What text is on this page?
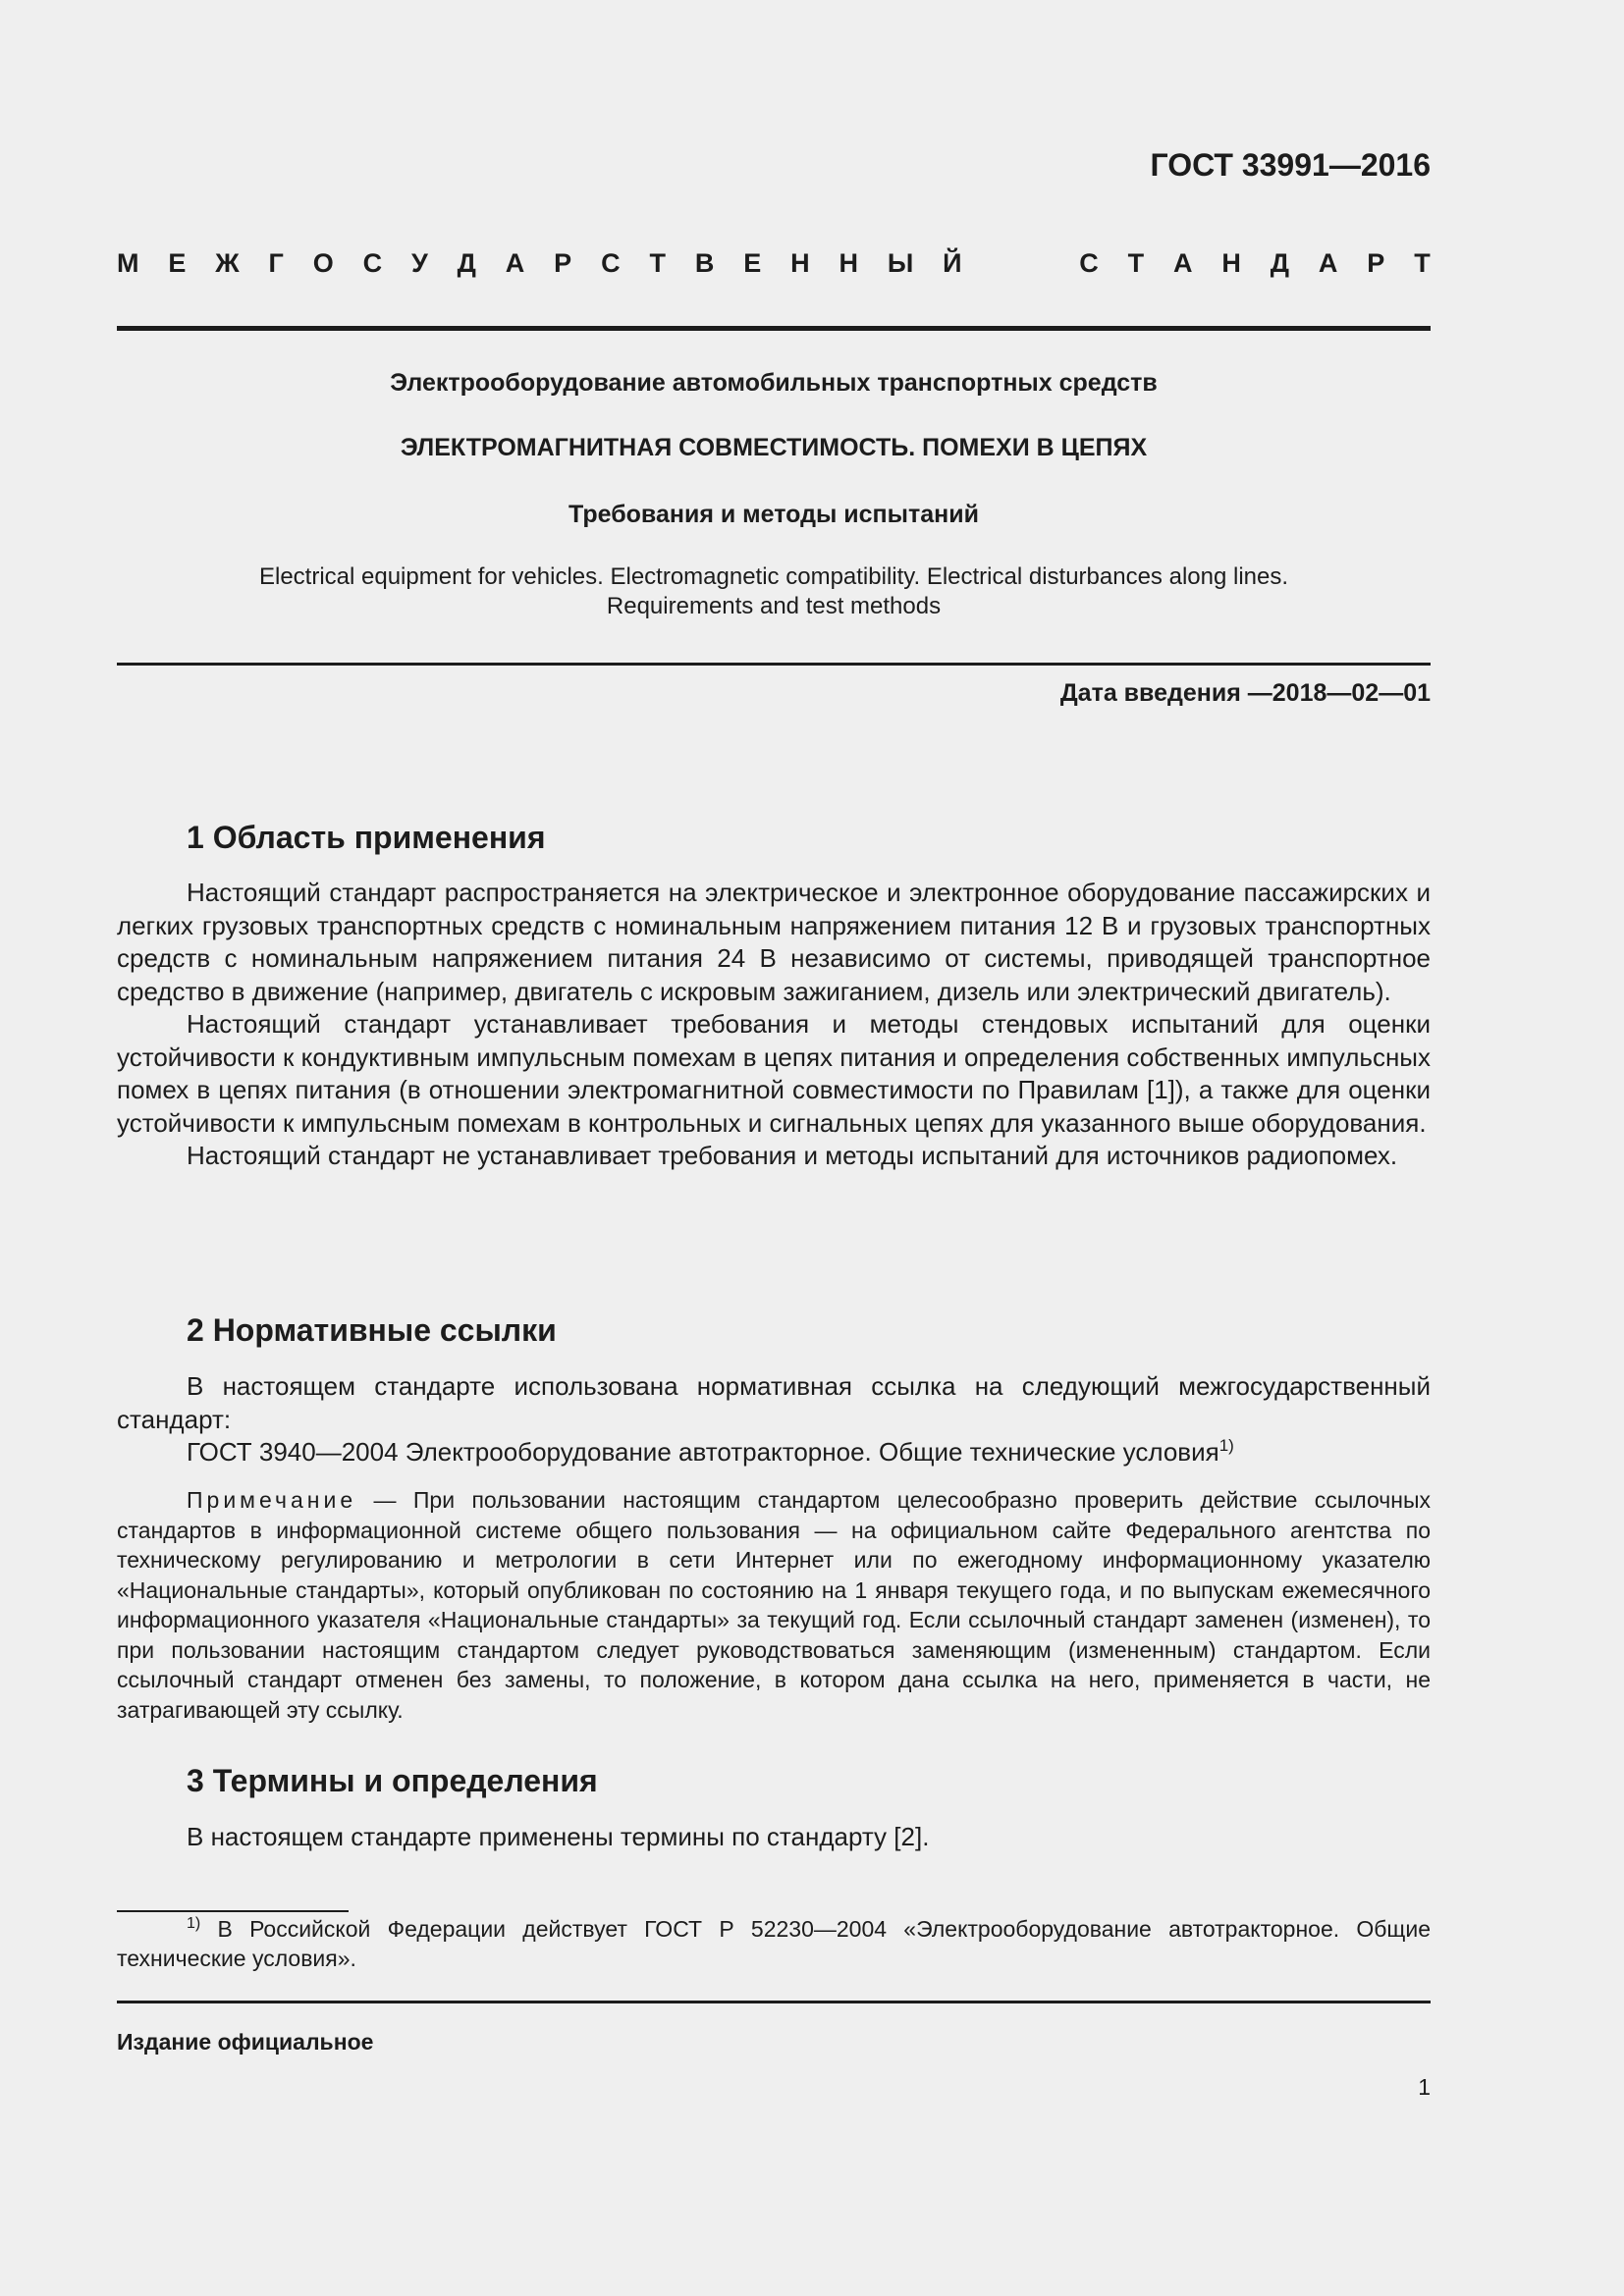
ГОСТ 33991—2016
М Е Ж Г О С У Д А Р С Т В Е Н Н Ы Й	С Т А Н Д А Р Т
Электрооборудование автомобильных транспортных средств
ЭЛЕКТРОМАГНИТНАЯ СОВМЕСТИМОСТЬ. ПОМЕХИ В ЦЕПЯХ
Требования и методы испытаний
Electrical equipment for vehicles. Electromagnetic compatibility. Electrical disturbances along lines.
Requirements and test methods
Дата введения —2018—02—01
1 Область применения

Настоящий стандарт распространяется на электрическое и электронное оборудование пассажирских и легких грузовых транспортных средств с номинальным напряжением питания 12 В и грузовых транспортных средств с номинальным напряжением питания 24 В независимо от системы, приводящей транспортное средство в движение (например, двигатель с искровым зажиганием, дизель или электрический двигатель).

Настоящий стандарт устанавливает требования и методы стендовых испытаний для оценки устойчивости к кондуктивным импульсным помехам в цепях питания и определения собственных импульсных помех в цепях питания (в отношении электромагнитной совместимости по Правилам [1]), а также для оценки устойчивости к импульсным помехам в контрольных и сигнальных цепях для указанного выше оборудования.

Настоящий стандарт не устанавливает требования и методы испытаний для источников радиопомех.

2 Нормативные ссылки

В настоящем стандарте использована нормативная ссылка на следующий межгосударственный стандарт:

ГОСТ 3940—2004 Электрооборудование автотракторное. Общие технические условия$^{1)}$

Примечание — При пользовании настоящим стандартом целесообразно проверить действие ссылочных стандартов в информационной системе общего пользования — на официальном сайте Федерального агентства по техническому регулированию и метрологии в сети Интернет или по ежегодному информационному указателю «Национальные стандарты», который опубликован по состоянию на 1 января текущего года, и по выпускам ежемесячного информационного указателя «Национальные стандарты» за текущий год. Если ссылочный стандарт заменен (изменен), то при пользовании настоящим стандартом следует руководствоваться заменяющим (измененным) стандартом. Если ссылочный стандарт отменен без замены, то положение, в котором дана ссылка на него, применяется в части, не затрагивающей эту ссылку.

3 Термины и определения

В настоящем стандарте применены термины по стандарту [2].

$^{1)}$ В Российской Федерации действует ГОСТ Р 52230—2004 «Электрооборудование автотракторное. Общие технические условия».

Издание официальное
1
